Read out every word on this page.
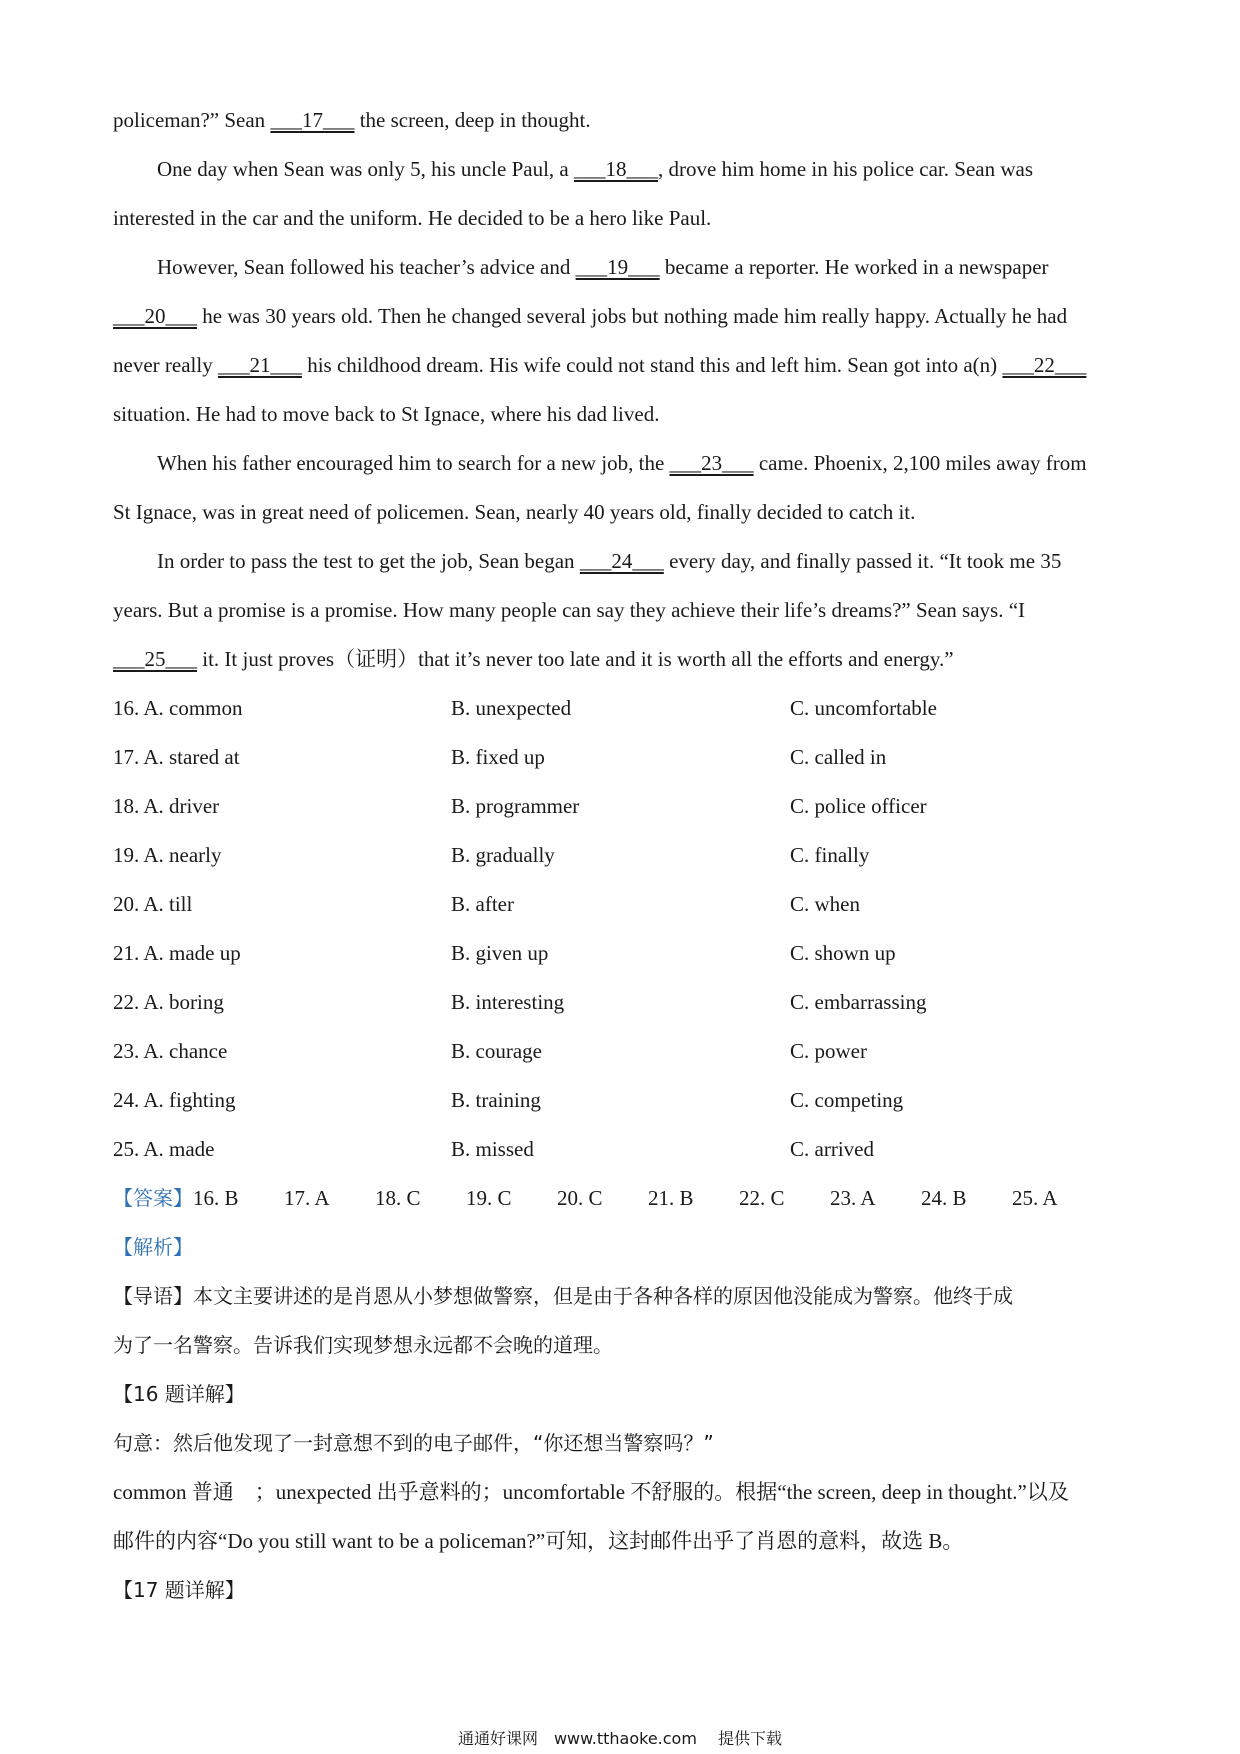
policeman?” Sean ___17___ the screen, deep in thought.
One day when Sean was only 5, his uncle Paul, a ___18___, drove him home in his police car. Sean was
interested in the car and the uniform. He decided to be a hero like Paul.
However, Sean followed his teacher’s advice and ___19___ became a reporter. He worked in a newspaper
___20___ he was 30 years old. Then he changed several jobs but nothing made him really happy. Actually he had
never really ___21___ his childhood dream. His wife could not stand this and left him. Sean got into a(n) ___22___
situation. He had to move back to St Ignace, where his dad lived.
When his father encouraged him to search for a new job, the ___23___ came. Phoenix, 2,100 miles away from
St Ignace, was in great need of policemen. Sean, nearly 40 years old, finally decided to catch it.
In order to pass the test to get the job, Sean began ___24___ every day, and finally passed it. “It took me 35
years. But a promise is a promise. How many people can say they achieve their life’s dreams?” Sean says. “I
___25___ it. It just proves（证明）that it’s never too late and it is worth all the efforts and energy.”
16. A. common	B. unexpected	C. uncomfortable
17. A. stared at	B. fixed up	C. called in
18. A. driver	B. programmer	C. police officer
19. A. nearly	B. gradually	C. finally
20. A. till	B. after	C. when
21. A. made up	B. given up	C. shown up
22. A. boring	B. interesting	C. embarrassing
23. A. chance	B. courage	C. power
24. A. fighting	B. training	C. competing
25. A. made	B. missed	C. arrived
【答案】 16. B	17. A	18. C	19. C	20. C	21. B	22. C	23. A	24. B	25. A
【解析】
【导语】本文主要讲述的是肖恩从小梦想做警察，但是由于各种各样的原因他没能成为警察。他终于成
为了一名警察。告诉我们实现梦想永远都不会晚的道理。
【16 题详解】
句意：然后他发现了一封意想不到的电子邮件，“你还想当警察吗？”
common 普通　；unexpected 出乎意料的；uncomfortable 不舒服的。根据“the screen, deep in thought.”以及
邮件的内容“Do you still want to be a policeman?”可知，这封邮件出乎了肖恩的意料，故选 B。
【17 题详解】
通通好课网　www.tthaoke.com 　提供下载
